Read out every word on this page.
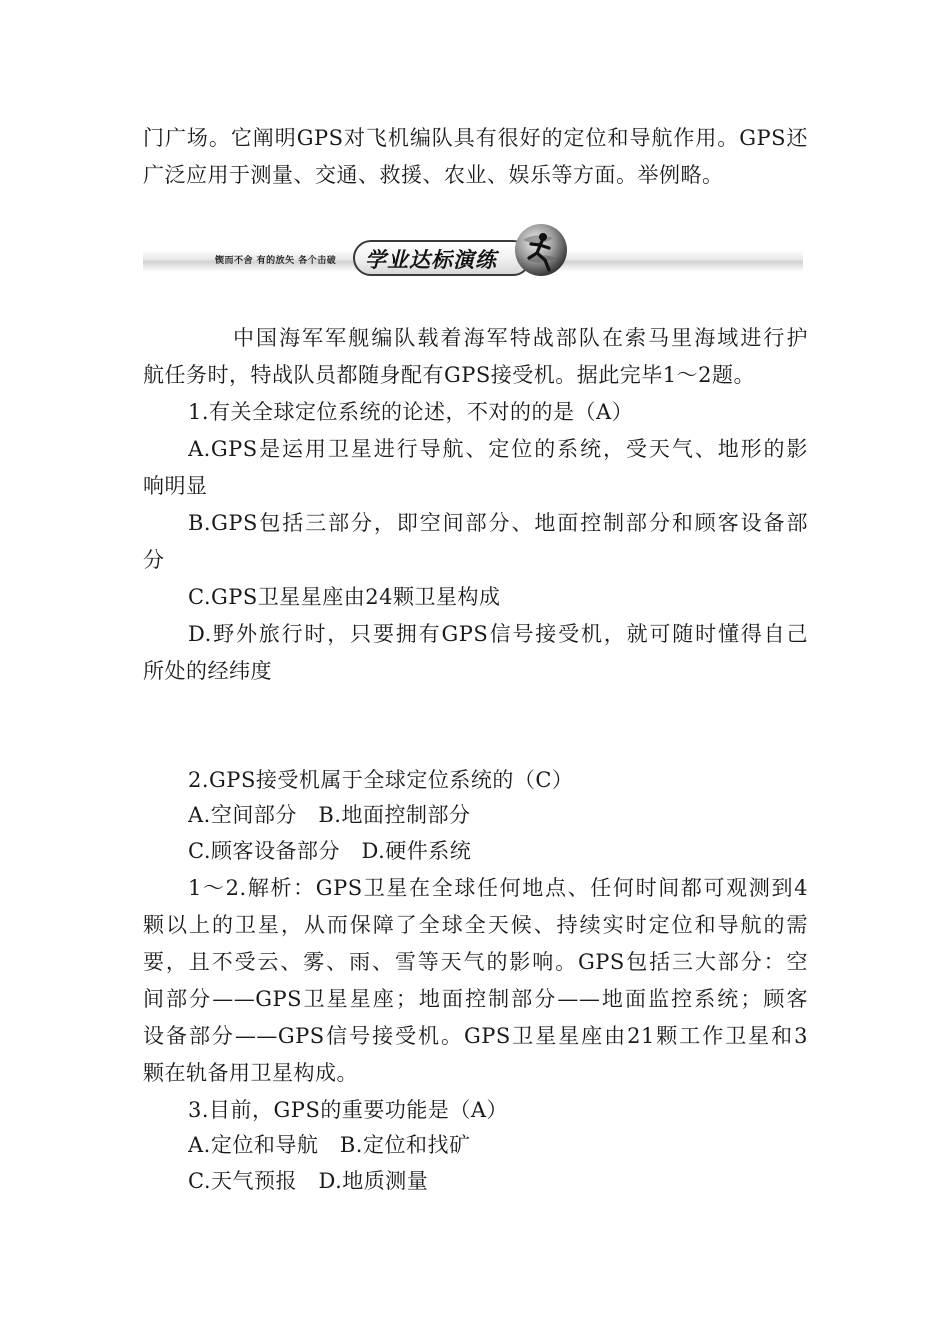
门广场。它阐明GPS对飞机编队具有很好的定位和导航作用。GPS还
广泛应用于测量、交通、救援、农业、娱乐等方面。举例略。
锲而不舍 有的放矢 各个击破 学业达标演练
中国海军军舰编队载着海军特战部队在索马里海域进行护
航任务时，特战队员都随身配有GPS接受机。据此完毕1～2题。
1.有关全球定位系统的论述，不对的的是（A）
A.GPS是运用卫星进行导航、定位的系统，受天气、地形的影
响明显
B.GPS包括三部分，即空间部分、地面控制部分和顾客设备部
分
C.GPS卫星星座由24颗卫星构成
D.野外旅行时，只要拥有GPS信号接受机，就可随时懂得自己
所处的经纬度
2.GPS接受机属于全球定位系统的（C）
A.空间部分　B.地面控制部分
C.顾客设备部分　D.硬件系统
1～2.解析：GPS卫星在全球任何地点、任何时间都可观测到4
颗以上的卫星，从而保障了全球全天候、持续实时定位和导航的需
要，且不受云、雾、雨、雪等天气的影响。GPS包括三大部分：空
间部分——GPS卫星星座；地面控制部分——地面监控系统；顾客
设备部分——GPS信号接受机。GPS卫星星座由21颗工作卫星和3
颗在轨备用卫星构成。
3.目前，GPS的重要功能是（A）
A.定位和导航　B.定位和找矿
C.天气预报　D.地质测量
